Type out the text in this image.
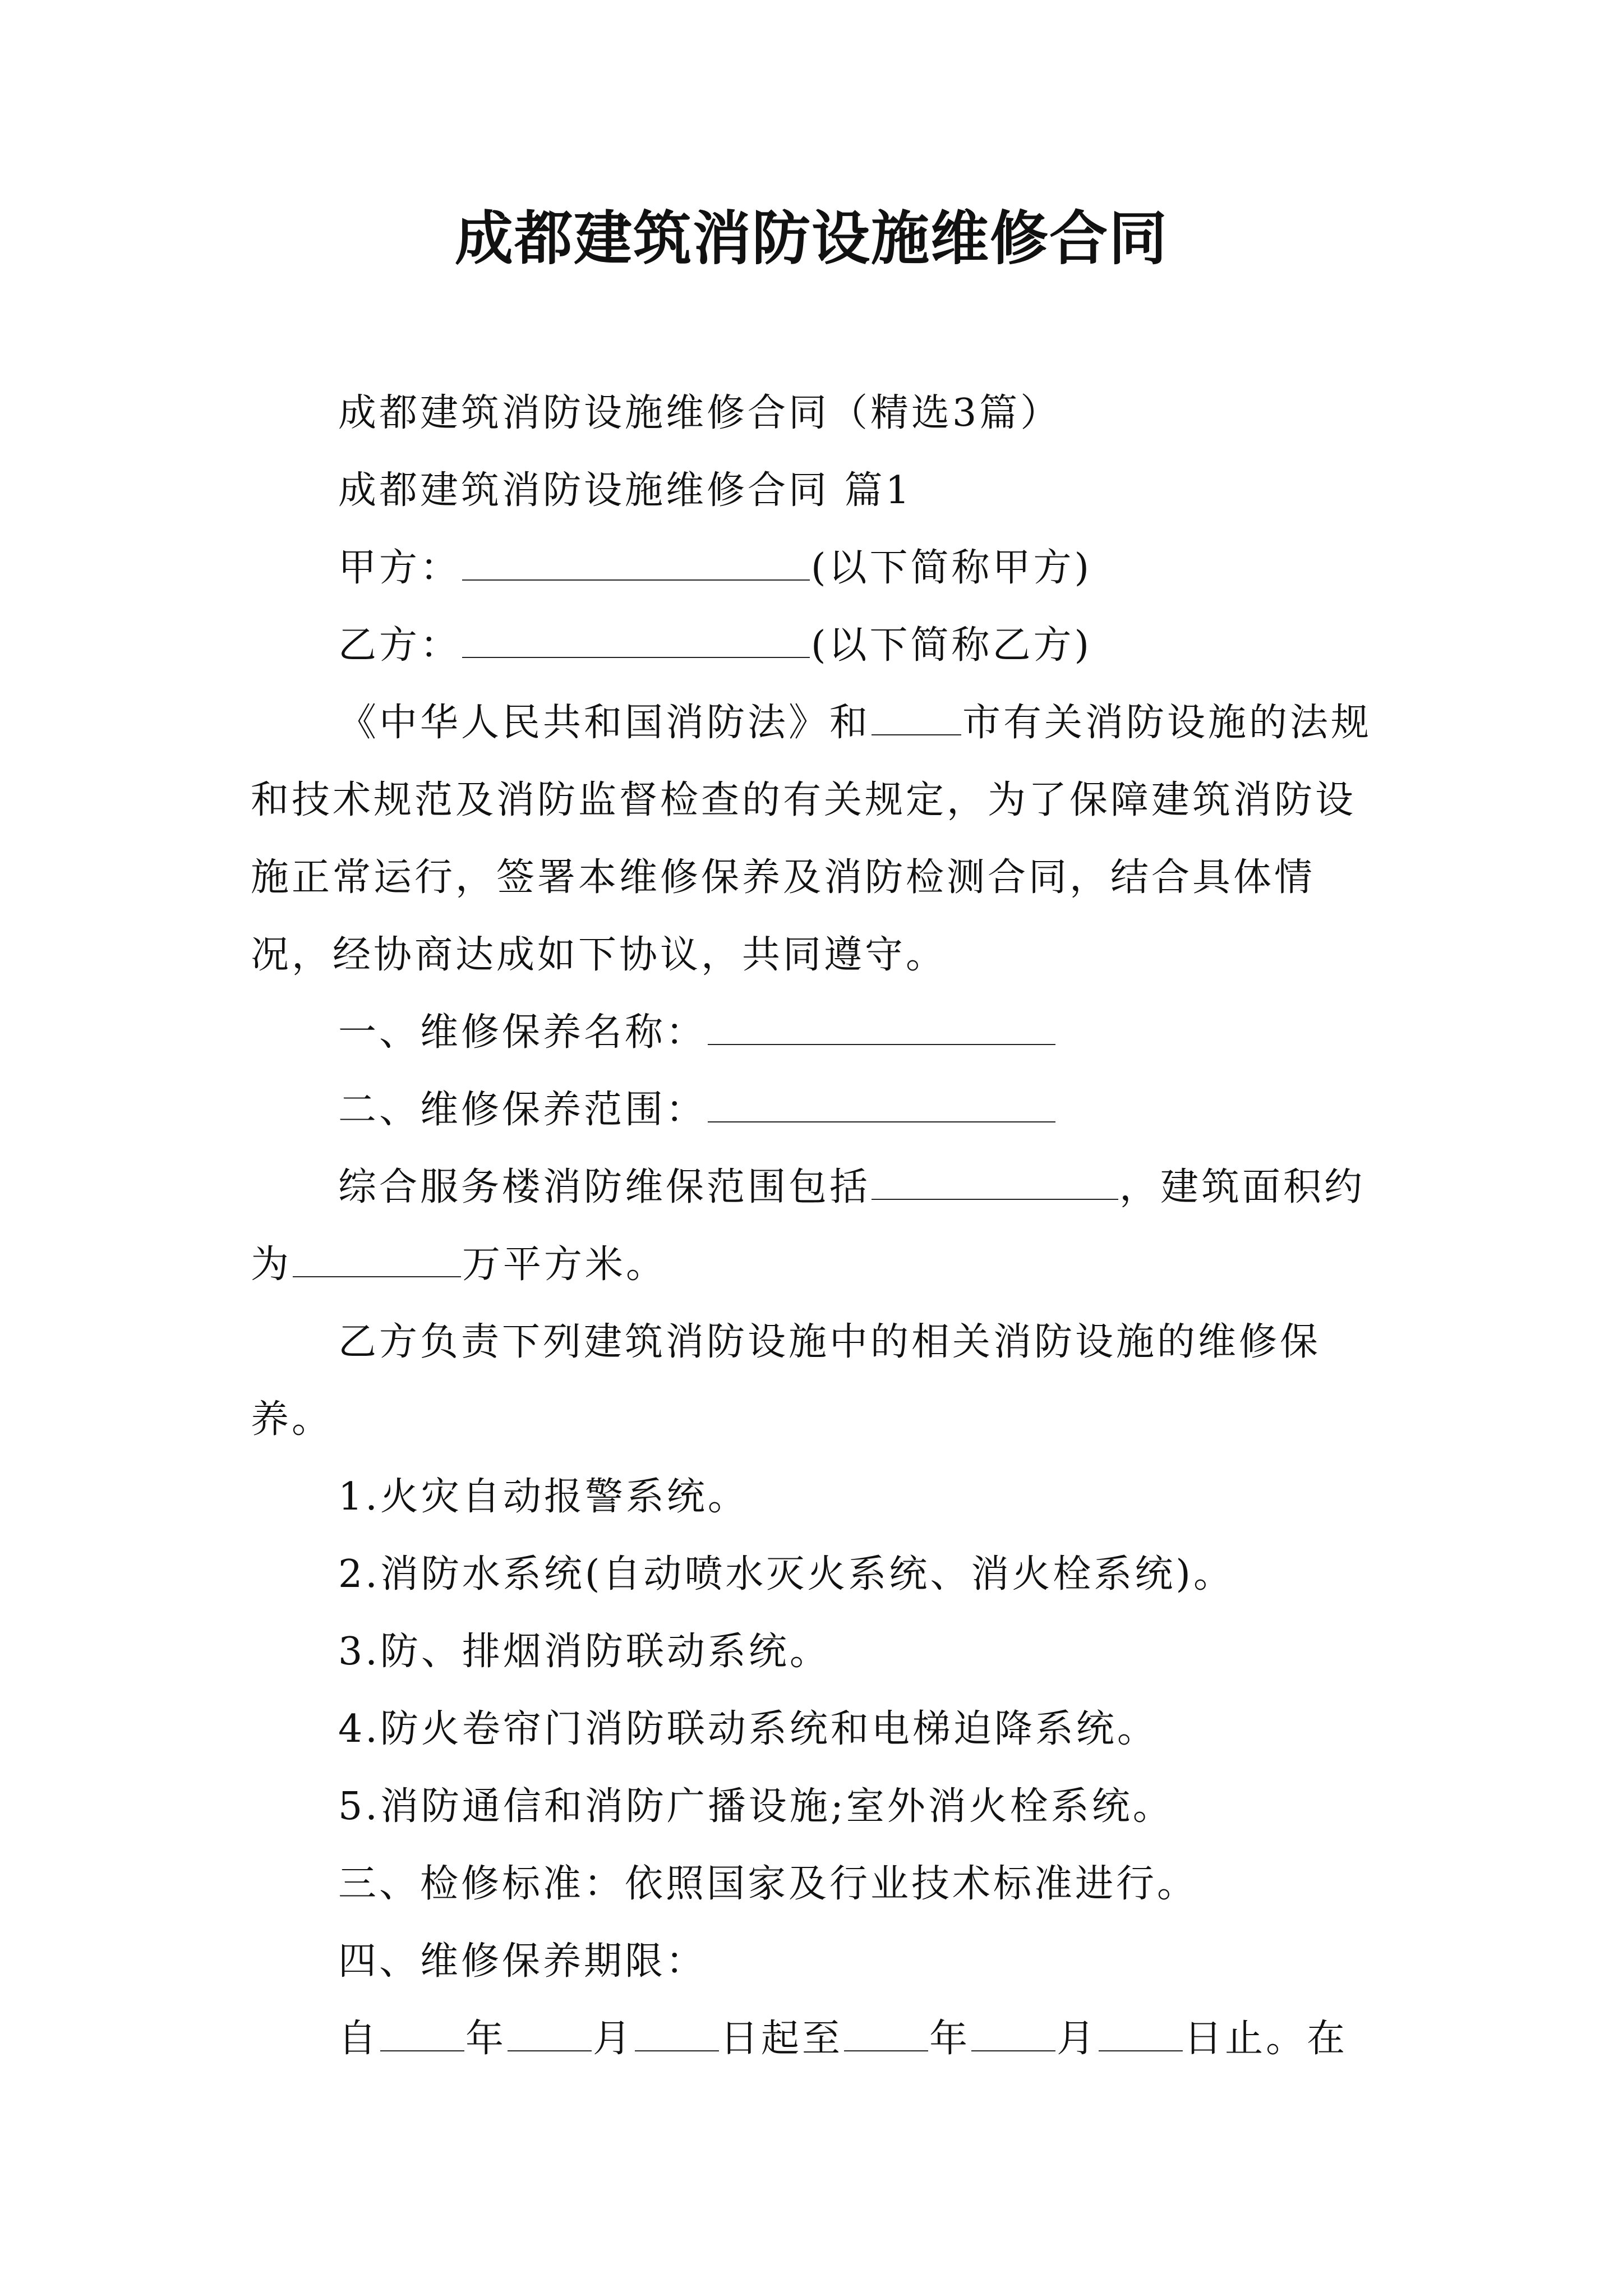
成都建筑消防设施维修合同

成都建筑消防设施维修合同（精选3篇）

成都建筑消防设施维修合同 篇1

甲方：	(以下简称甲方)

乙方：	(以下简称乙方)

《中华人民共和国消防法》和 市有关消防设施的法规和技术规范及消防监督检查的有关规定，为了保障建筑消防设施正常运行，签署本维修保养及消防检测合同，结合具体情况，经协商达成如下协议，共同遵守。

一、维修保养名称：

二、维修保养范围：

综合服务楼消防维保范围包括	，建筑面积约为	万平方米。

乙方负责下列建筑消防设施中的相关消防设施的维修保养。

1.火灾自动报警系统。

2.消防水系统(自动喷水灭火系统、消火栓系统)。

3.防、排烟消防联动系统。

4.防火卷帘门消防联动系统和电梯迫降系统。

5.消防通信和消防广播设施;室外消火栓系统。

三、检修标准：依照国家及行业技术标准进行。

四、维修保养期限：

自 年 月 日起至 年 月 日止。在
